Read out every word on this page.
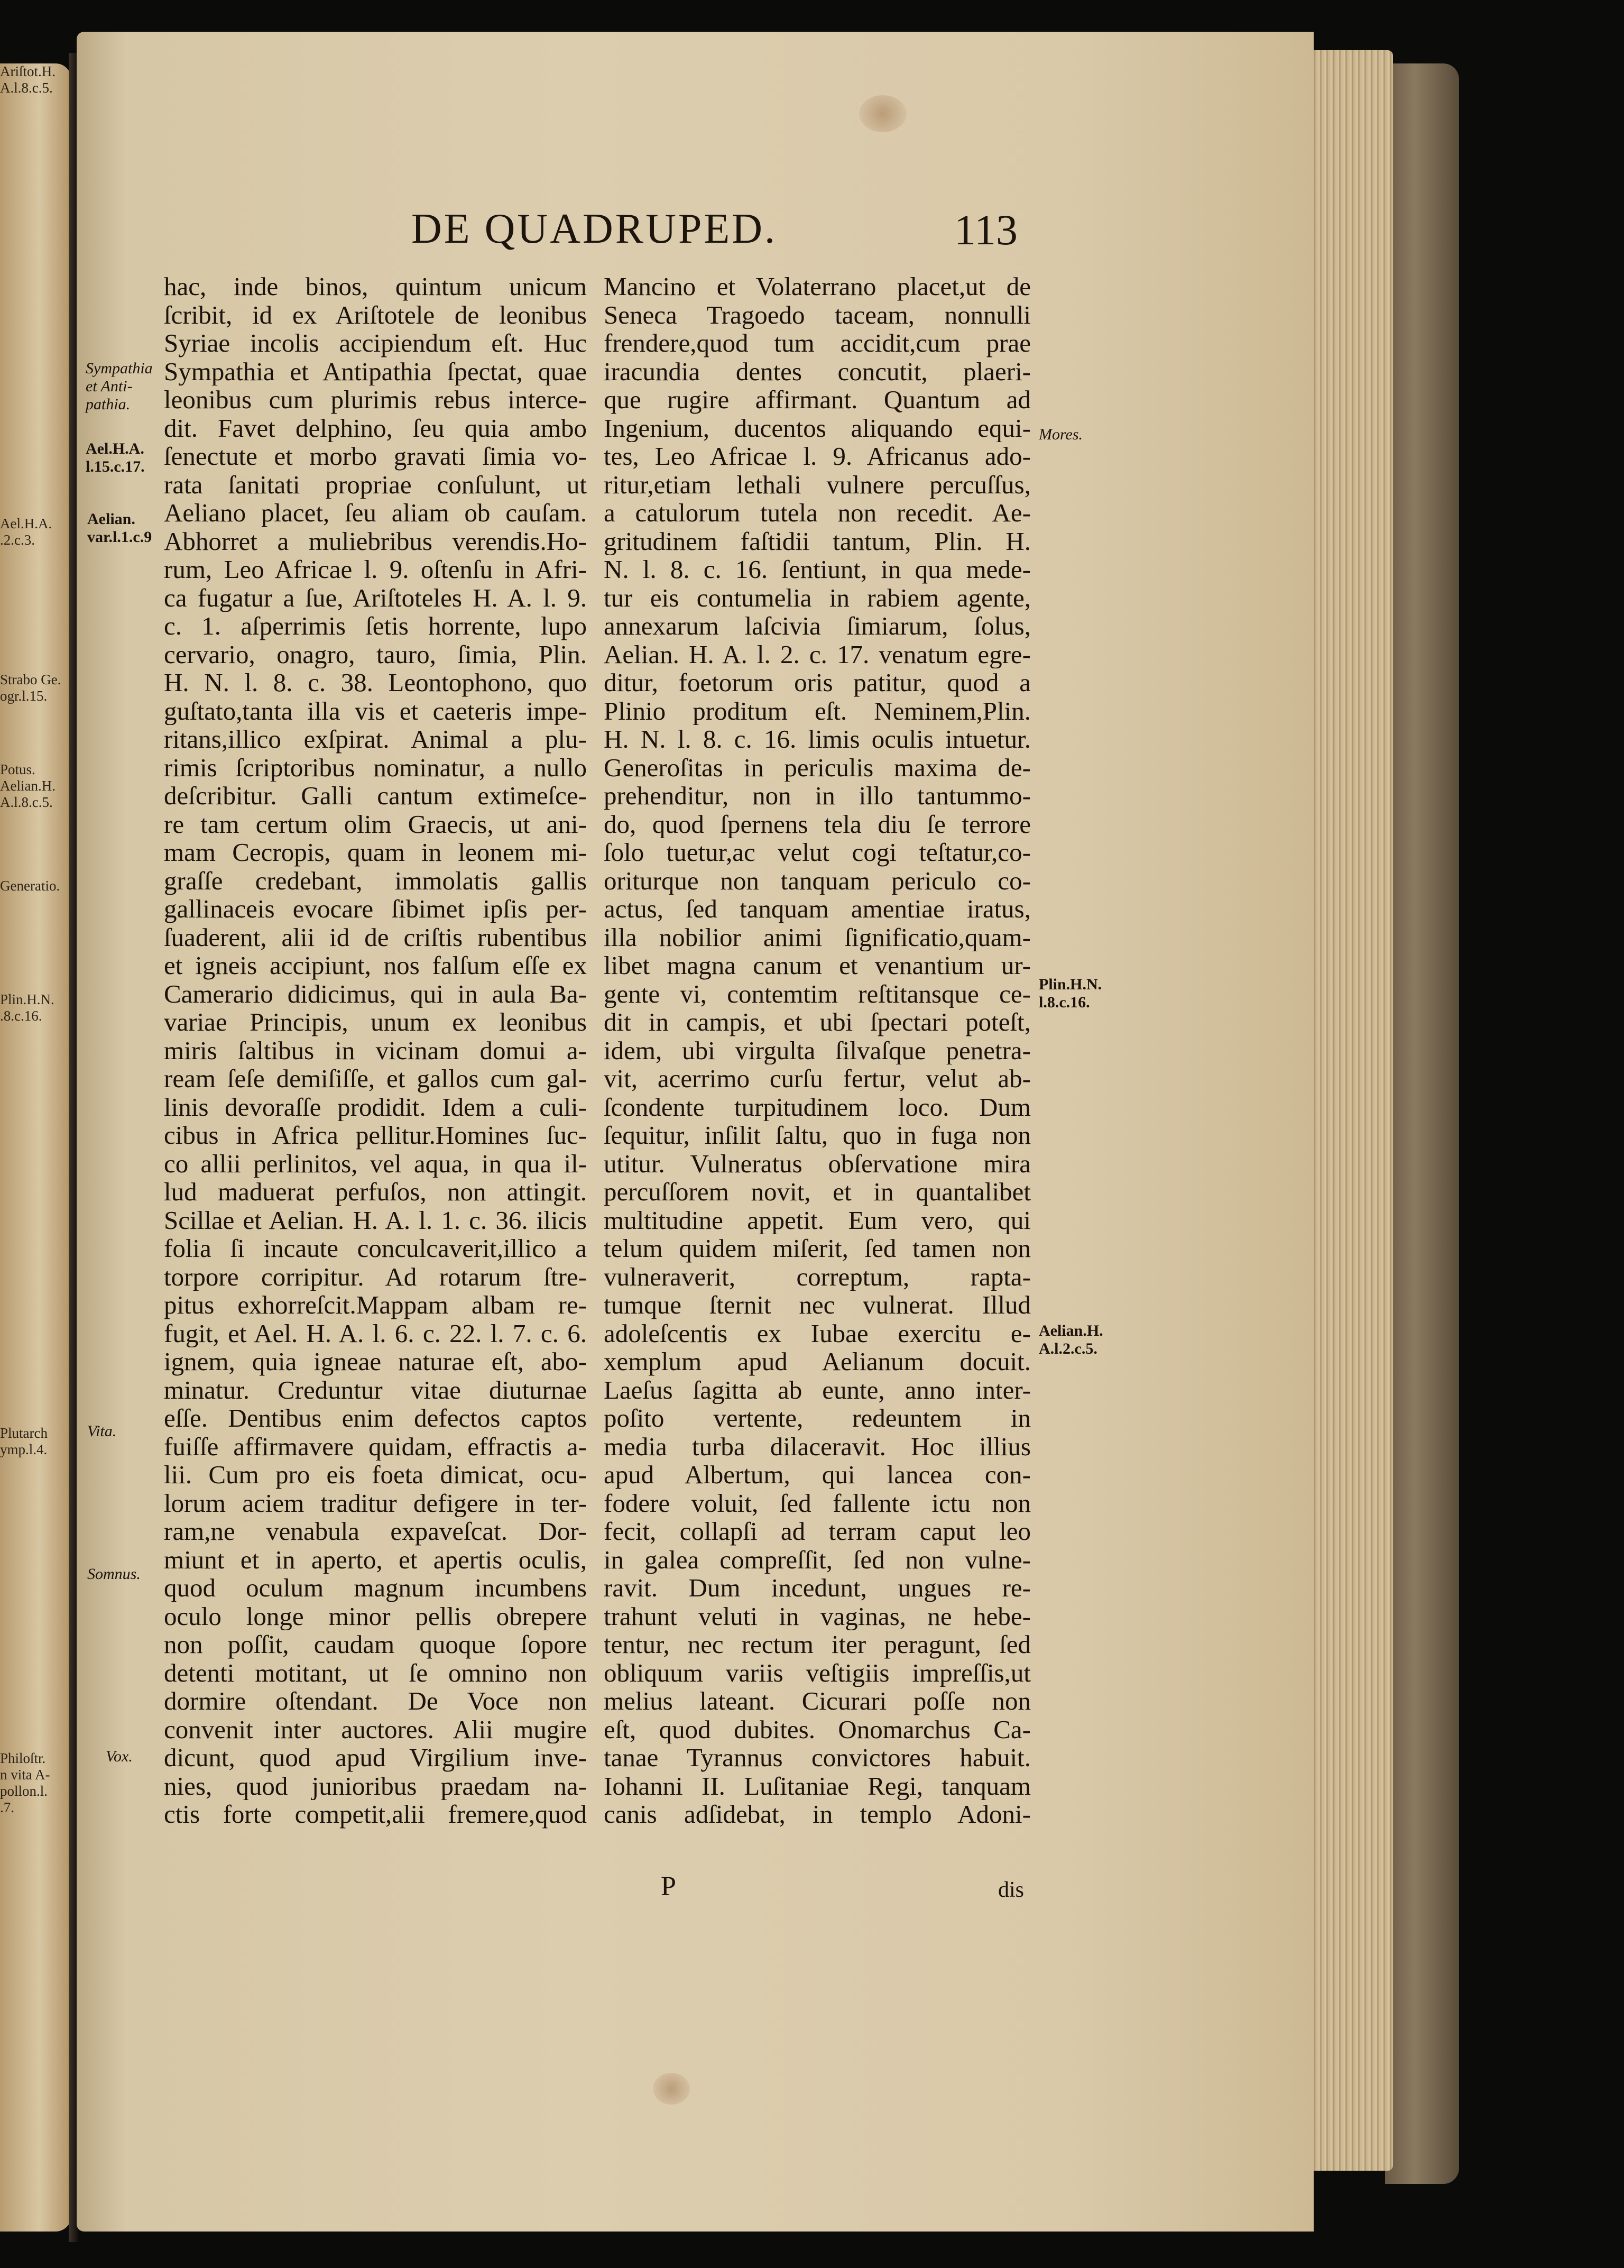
Ariſtot.H.
A.l.8.c.5.
Ael.H.A.
.2.c.3.
Strabo Ge.
ogr.l.15.
Potus.
Aelian.H.
A.l.8.c.5.
Generatio.
Plin.H.N.
.8.c.16.
Plutarch
ymp.l.4.
Philoſtr.
n vita A-
pollon.l.
.7.
DE QUADRUPED.	113
Sympathia
et Anti-
pathia.
Ael.H.A.
l.15.c.17.
Aelian.
var.l.1.c.9
Vita.
Somnus.
Vox.
Mores.
Plin.H.N.
l.8.c.16.
Aelian.H.
A.l.2.c.5.
hac, inde binos, quintum unicum
ſcribit, id ex Ariſtotele de leonibus
Syriae incolis accipiendum eſt. Huc
Sympathia et Antipathia ſpectat, quae
leonibus cum plurimis rebus interce-
dit. Favet delphino, ſeu quia ambo
ſenectute et morbo gravati ſimia vo-
rata ſanitati propriae conſulunt, ut
Aeliano placet, ſeu aliam ob cauſam.
Abhorret a muliebribus verendis.Ho-
rum, Leo Africae l. 9. oſtenſu in Afri-
ca fugatur a ſue, Ariſtoteles H. A. l. 9.
c. 1. aſperrimis ſetis horrente, lupo
cervario, onagro, tauro, ſimia, Plin.
H. N. l. 8. c. 38. Leontophono, quo
guſtato,tanta illa vis et caeteris impe-
ritans,illico exſpirat. Animal a plu-
rimis ſcriptoribus nominatur, a nullo
deſcribitur. Galli cantum extimeſce-
re tam certum olim Graecis, ut ani-
mam Cecropis, quam in leonem mi-
graſſe credebant, immolatis gallis
gallinaceis evocare ſibimet ipſis per-
ſuaderent, alii id de criſtis rubentibus
et igneis accipiunt, nos falſum eſſe ex
Camerario didicimus, qui in aula Ba-
variae Principis, unum ex leonibus
miris ſaltibus in vicinam domui a-
ream ſeſe demiſiſſe, et gallos cum gal-
linis devoraſſe prodidit. Idem a culi-
cibus in Africa pellitur.Homines ſuc-
co allii perlinitos, vel aqua, in qua il-
lud maduerat perfuſos, non attingit.
Scillae et Aelian. H. A. l. 1. c. 36. ilicis
folia ſi incaute conculcaverit,illico a
torpore corripitur. Ad rotarum ſtre-
pitus exhorreſcit.Mappam albam re-
fugit, et Ael. H. A. l. 6. c. 22. l. 7. c. 6.
ignem, quia igneae naturae eſt, abo-
minatur. Creduntur vitae diuturnae
eſſe. Dentibus enim defectos captos
fuiſſe affirmavere quidam, effractis a-
lii. Cum pro eis foeta dimicat, ocu-
lorum aciem traditur defigere in ter-
ram,ne venabula expaveſcat. Dor-
miunt et in aperto, et apertis oculis,
quod oculum magnum incumbens
oculo longe minor pellis obrepere
non poſſit, caudam quoque ſopore
detenti motitant, ut ſe omnino non
dormire oſtendant. De Voce non
convenit inter auctores. Alii mugire
dicunt, quod apud Virgilium inve-
nies, quod junioribus praedam na-
ctis forte competit,alii fremere,quod
Mancino et Volaterrano placet,ut de
Seneca Tragoedo taceam, nonnulli
frendere,quod tum accidit,cum prae
iracundia dentes concutit, plaeri-
que rugire affirmant. Quantum ad
Ingenium, ducentos aliquando equi-
tes, Leo Africae l. 9. Africanus ado-
ritur,etiam lethali vulnere percuſſus,
a catulorum tutela non recedit. Ae-
gritudinem faſtidii tantum, Plin. H.
N. l. 8. c. 16. ſentiunt, in qua mede-
tur eis contumelia in rabiem agente,
annexarum laſcivia ſimiarum, ſolus,
Aelian. H. A. l. 2. c. 17. venatum egre-
ditur, foetorum oris patitur, quod a
Plinio proditum eſt. Neminem,Plin.
H. N. l. 8. c. 16. limis oculis intuetur.
Generoſitas in periculis maxima de-
prehenditur, non in illo tantummo-
do, quod ſpernens tela diu ſe terrore
ſolo tuetur,ac velut cogi teſtatur,co-
oriturque non tanquam periculo co-
actus, ſed tanquam amentiae iratus,
illa nobilior animi ſignificatio,quam-
libet magna canum et venantium ur-
gente vi, contemtim reſtitansque ce-
dit in campis, et ubi ſpectari poteſt,
idem, ubi virgulta ſilvaſque penetra-
vit, acerrimo curſu fertur, velut ab-
ſcondente turpitudinem loco. Dum
ſequitur, inſilit ſaltu, quo in fuga non
utitur. Vulneratus obſervatione mira
percuſſorem novit, et in quantalibet
multitudine appetit. Eum vero, qui
telum quidem miſerit, ſed tamen non
vulneraverit, correptum, rapta-
tumque ſternit nec vulnerat. Illud
adoleſcentis ex Iubae exercitu e-
xemplum apud Aelianum docuit.
Laeſus ſagitta ab eunte, anno inter-
poſito vertente, redeuntem in
media turba dilaceravit. Hoc illius
apud Albertum, qui lancea con-
fodere voluit, ſed fallente ictu non
fecit, collapſi ad terram caput leo
in galea compreſſit, ſed non vulne-
ravit. Dum incedunt, ungues re-
trahunt veluti in vaginas, ne hebe-
tentur, nec rectum iter peragunt, ſed
obliquum variis veſtigiis impreſſis,ut
melius lateant. Cicurari poſſe non
eſt, quod dubites. Onomarchus Ca-
tanae Tyrannus convictores habuit.
Iohanni II. Luſitaniae Regi, tanquam
canis adſidebat, in templo Adoni-
P	dis
